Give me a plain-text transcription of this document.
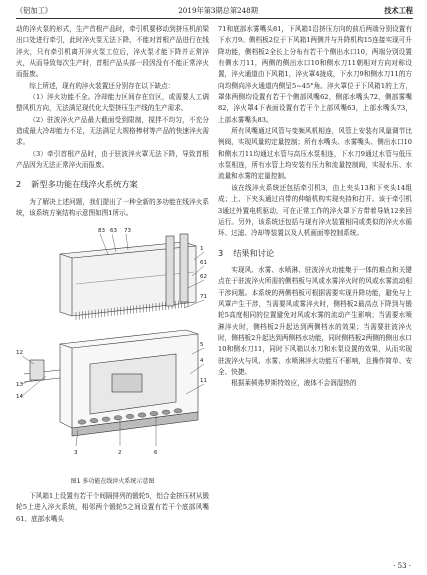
《铝加工》	2019年第3期总第248期	技术工程

动的淬火泵的形式，生产首根产品时，牵引机要移动到挤压机前梁出口处进行牵引，此时淬火泵无法下降，不能对首根产品进行在线淬火，只有牵引机离开淬火泵工位后，淬火泵才能下降并正常淬火，从而导致每次生产时，首根产品头部一段因没有不能正常淬火而报废。

综上所述，现有的淬火装置还分别存在以下缺点：

（1）淬火功能不全。冷却能力区间存在盲区，或需要人工调整风机方向，无法满足现代化大型挤压生产线的生产需求。

（2）驻波淬火产品最大截面受到限制，搅拌不均匀，不充分造成最大冷却能力不足，无法满足大规格棒材等产品的快速淬火需求。

（3）牵引首根产品时，由于驻波淬火罩无法下降，导致首根产品因为无法正常淬火而报废。

2 新型多功能在线淬火系统方案

为了解决上述问题，我们提出了一种全新的多功能在线淬火系统，该系统方案结构示意图如图1所示。

83 63 73
1
61
62
71
5
4
11
12
13
14
3	2	6
图1 多功能在线淬火系统示意图

下风箱1上设置有若干个间隔排列的锻轮5，铝合金挤压材从锻轮5上进入淬火系统，相邻两个锻轮5之间设置有若干个底部风嘴61、底部水嘴头

71和底部水雾嘴头81，下风箱1沿挤压方向的前后两端分别设置有下水刀9。侧档板2位于下风箱1两侧并与升降机构15连接实现可升降功能，侧档板2全长上分布有若干个侧出水口10，两端分别设置有侧水刀11，两侧的侧出水口10和侧水刀11朝相对方向对称设置，淬火通道由下风箱1，淬火罩4拢成，下水刀9和侧水刀11的方向均侧向淬火通道内侧呈5~45°角。淬火罩位于下风箱1的上方，罩体两侧均设置有若干个侧部风嘴62，侧部水嘴头72，侧部雾嘴82，淬火罩4下表面设置有若干个上部风嘴63，上部水嘴头73，上部水雾嘴头83。

所有风嘴通过风管与变频风机相连，风管上安装有风量调节比例阀，实现风量的定量控制；所有水嘴头、水雾嘴头、侧出水口10和侧水刀11均通过水管与高压水泵相连，下水刀9通过水管与低压水泵相连，所有水管上均安装有压力和流量控制阀，实现水压、水流量和水雾的定量控制。

该在线淬火系统还包括牵引机3，由上夹头13和下夹头14组成；上、下夹头通过自带的伸缩机构实现夹持和打开。该于牵引机3通过外置电机驱动，可在正常工作的淬火罩下方带着导轨12来回运行。另外，该系统还包括与现有淬火装置相同或类似的淬火水循环、过滤、冷却等装置以及人机画面等控制系统。

3 结果和讨论

实现风、水雾、水喷淋、驻波淬火功能集于一体的难点和关键点在于驻波淬火所需的侧档板与风或水雾淬火时的风或水雾流动相干涉问题。本系统的两侧档板可根据需要实现升降功能，避免与上风罩产生干涉，当需要风或雾淬火时，侧档板2最高点下降到与锻轮5高度相同的位置避免对风或水雾的流动产生影响；当需要水喷淋淬火时，侧档板2升起达到两侧档水的效果；当需要驻波淬火时，侧档板2升起达到两侧档水功能，同时侧档板2两侧的侧出水口10和侧水刀11，同时下风箱以水刀和水泵设置的效果，从而实现驻波淬火与风、水雾、水喷淋淬火功能互不影响，且操作简单、安全、快捷。

根据莱顿弗罗斯特效应，液体不会润湿热的

· 53 ·
